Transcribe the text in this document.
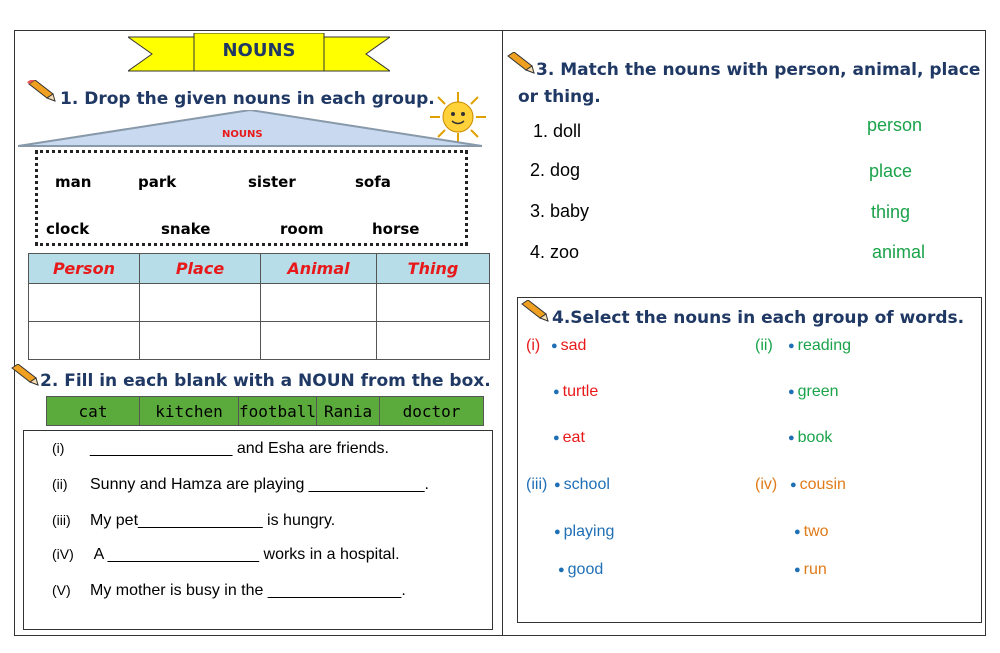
NOUNS
1. Drop the given nouns in each group.
NOUNS
man	park	sister	sofa
clock	snake	room	horse
Person	Place	Animal	Thing

2. Fill in each blank with a NOUN from the box.
cat	kitchen	football	Rania	doctor
(i) ________________ and Esha are friends.
(ii) Sunny and Hamza are playing _____________.
(iii) My pet______________ is hungry.
(iV) A _________________ works in a hospital.
(V) My mother is busy in the _______________.
3. Match the nouns with person, animal, place
or thing.
1. doll
2. dog
3. baby
4. zoo
person
place
thing
animal
4.Select the nouns in each group of words.
(i) ● sad
● turtle
● eat
(ii) ● reading
● green
● book
(iii) ● school
● playing
● good
(iv) ● cousin
● two
● run
